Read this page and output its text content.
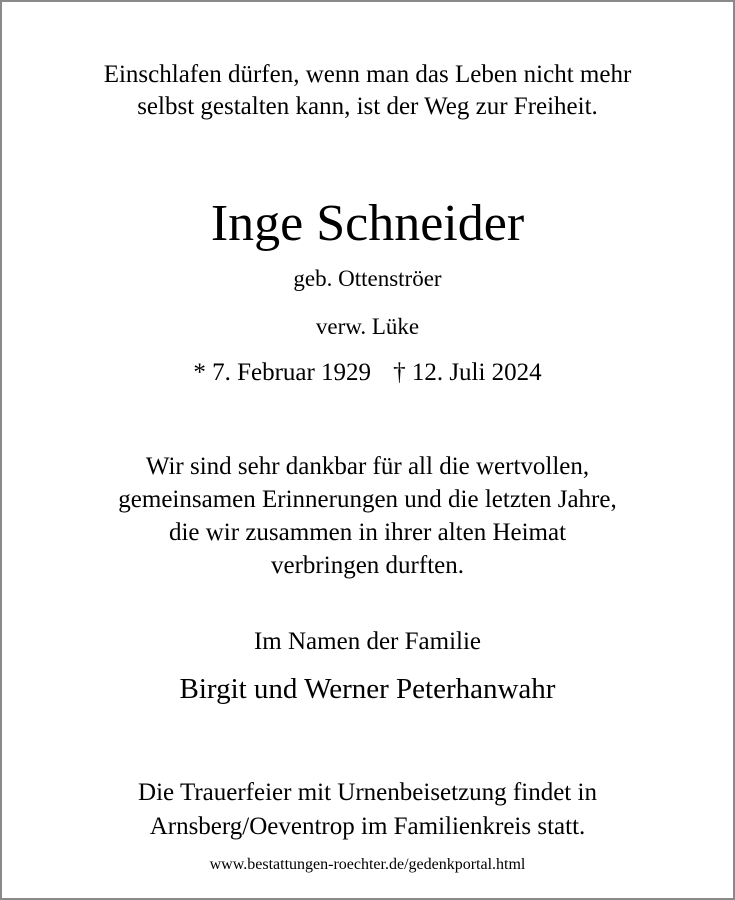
Einschlafen dürfen, wenn man das Leben nicht mehr
selbst gestalten kann, ist der Weg zur Freiheit.
Inge Schneider
geb. Ottenströer
verw. Lüke
* 7. Februar 1929 † 12. Juli 2024
Wir sind sehr dankbar für all die wertvollen,
gemeinsamen Erinnerungen und die letzten Jahre,
die wir zusammen in ihrer alten Heimat
verbringen durften.
Im Namen der Familie
Birgit und Werner Peterhanwahr
Die Trauerfeier mit Urnenbeisetzung findet in
Arnsberg/Oeventrop im Familienkreis statt.
www.bestattungen-roechter.de/gedenkportal.html
